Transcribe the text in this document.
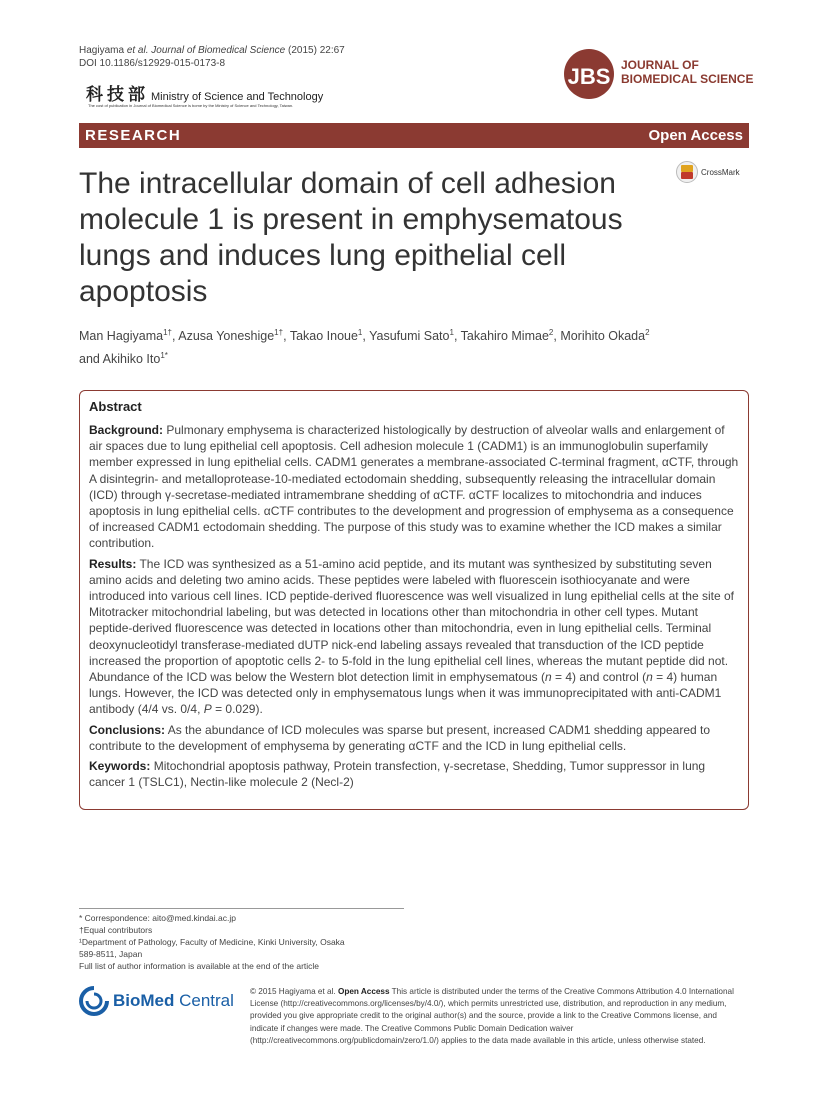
Hagiyama et al. Journal of Biomedical Science (2015) 22:67
DOI 10.1186/s12929-015-0173-8
科技部 Ministry of Science and Technology
The cost of publication in Journal of Biomedical Science is bome by the Ministry of Science and Technology, Taiwan.
JBS JOURNAL OF
BIOMEDICAL SCIENCE
RESEARCH	Open Access
The intracellular domain of cell adhesion molecule 1 is present in emphysematous lungs and induces lung epithelial cell apoptosis
CrossMark
Man Hagiyama$^{1\dagger}$, Azusa Yoneshige$^{1\dagger}$, Takao Inoue$^1$, Yasufumi Sato$^1$, Takahiro Mimae$^2$, Morihito Okada$^2$
and Akihiko Ito$^{1*}$
Abstract

Background: Pulmonary emphysema is characterized histologically by destruction of alveolar walls and enlargement of air spaces due to lung epithelial cell apoptosis. Cell adhesion molecule 1 (CADM1) is an immunoglobulin superfamily member expressed in lung epithelial cells. CADM1 generates a membrane-associated C-terminal fragment, αCTF, through A disintegrin- and metalloprotease-10-mediated ectodomain shedding, subsequently releasing the intracellular domain (ICD) through γ-secretase-mediated intramembrane shedding of αCTF. αCTF localizes to mitochondria and induces apoptosis in lung epithelial cells. αCTF contributes to the development and progression of emphysema as a consequence of increased CADM1 ectodomain shedding. The purpose of this study was to examine whether the ICD makes a similar contribution.

Results: The ICD was synthesized as a 51-amino acid peptide, and its mutant was synthesized by substituting seven amino acids and deleting two amino acids. These peptides were labeled with fluorescein isothiocyanate and were introduced into various cell lines. ICD peptide-derived fluorescence was well visualized in lung epithelial cells at the site of Mitotracker mitochondrial labeling, but was detected in locations other than mitochondria in other cell types. Mutant peptide-derived fluorescence was detected in locations other than mitochondria, even in lung epithelial cells. Terminal deoxynucleotidyl transferase-mediated dUTP nick-end labeling assays revealed that transduction of the ICD peptide increased the proportion of apoptotic cells 2- to 5-fold in the lung epithelial cell lines, whereas the mutant peptide did not. Abundance of the ICD was below the Western blot detection limit in emphysematous (n = 4) and control (n = 4) human lungs. However, the ICD was detected only in emphysematous lungs when it was immunoprecipitated with anti-CADM1 antibody (4/4 vs. 0/4, P = 0.029).

Conclusions: As the abundance of ICD molecules was sparse but present, increased CADM1 shedding appeared to contribute to the development of emphysema by generating αCTF and the ICD in lung epithelial cells.

Keywords: Mitochondrial apoptosis pathway, Protein transfection, γ-secretase, Shedding, Tumor suppressor in lung cancer 1 (TSLC1), Nectin-like molecule 2 (Necl-2)

* Correspondence: aito@med.kindai.ac.jp
†Equal contributors
¹Department of Pathology, Faculty of Medicine, Kinki University, Osaka
589-8511, Japan
Full list of author information is available at the end of the article
BioMed Central © 2015 Hagiyama et al. Open Access This article is distributed under the terms of the Creative Commons Attribution 4.0 International License (http://creativecommons.org/licenses/by/4.0/), which permits unrestricted use, distribution, and reproduction in any medium, provided you give appropriate credit to the original author(s) and the source, provide a link to the Creative Commons license, and indicate if changes were made. The Creative Commons Public Domain Dedication waiver (http://creativecommons.org/publicdomain/zero/1.0/) applies to the data made available in this article, unless otherwise stated.
